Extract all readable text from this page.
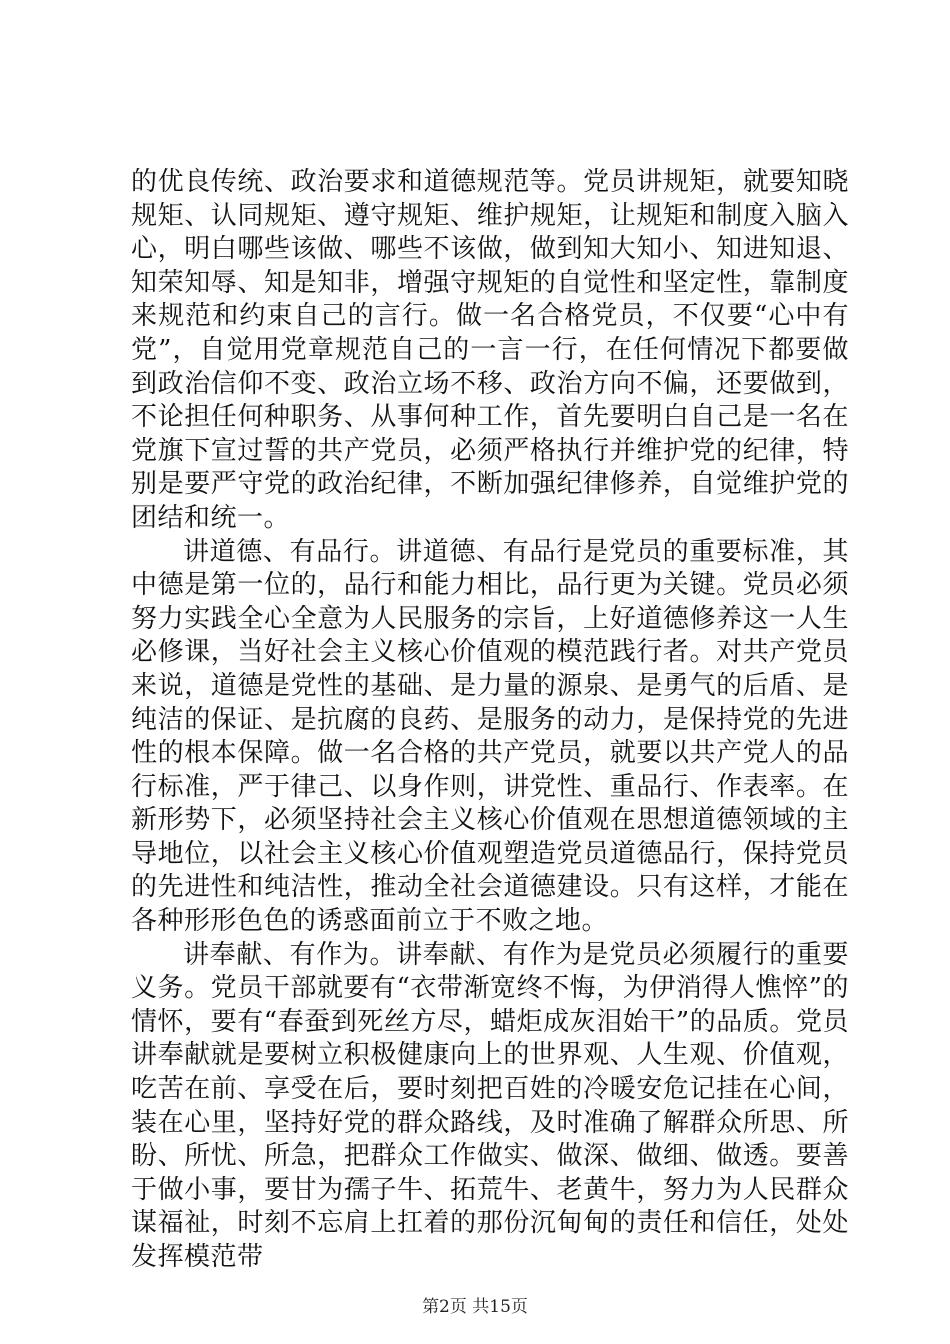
的优良传统、政治要求和道德规范等。党员讲规矩，就要知晓规矩、认同规矩、遵守规矩、维护规矩，让规矩和制度入脑入心，明白哪些该做、哪些不该做，做到知大知小、知进知退、知荣知辱、知是知非，增强守规矩的自觉性和坚定性，靠制度来规范和约束自己的言行。做一名合格党员，不仅要“心中有党”，自觉用党章规范自己的一言一行，在任何情况下都要做到政治信仰不变、政治立场不移、政治方向不偏，还要做到，不论担任何种职务、从事何种工作，首先要明白自己是一名在党旗下宣过誓的共产党员，必须严格执行并维护党的纪律，特别是要严守党的政治纪律，不断加强纪律修养，自觉维护党的团结和统一。

讲道德、有品行。讲道德、有品行是党员的重要标准，其中德是第一位的，品行和能力相比，品行更为关键。党员必须努力实践全心全意为人民服务的宗旨，上好道德修养这一人生必修课，当好社会主义核心价值观的模范践行者。对共产党员来说，道德是党性的基础、是力量的源泉、是勇气的后盾、是纯洁的保证、是抗腐的良药、是服务的动力，是保持党的先进性的根本保障。做一名合格的共产党员，就要以共产党人的品行标准，严于律己、以身作则，讲党性、重品行、作表率。在新形势下，必须坚持社会主义核心价值观在思想道德领域的主导地位，以社会主义核心价值观塑造党员道德品行，保持党员的先进性和纯洁性，推动全社会道德建设。只有这样，才能在各种形形色色的诱惑面前立于不败之地。

讲奉献、有作为。讲奉献、有作为是党员必须履行的重要义务。党员干部就要有“衣带渐宽终不悔，为伊消得人憔悴”的情怀，要有“春蚕到死丝方尽，蜡炬成灰泪始干”的品质。党员讲奉献就是要树立积极健康向上的世界观、人生观、价值观，吃苦在前、享受在后，要时刻把百姓的冷暖安危记挂在心间，装在心里，坚持好党的群众路线，及时准确了解群众所思、所盼、所忧、所急，把群众工作做实、做深、做细、做透。要善于做小事，要甘为孺子牛、拓荒牛、老黄牛，努力为人民群众谋福祉，时刻不忘肩上扛着的那份沉甸甸的责任和信任，处处发挥模范带

第2页 共15页
